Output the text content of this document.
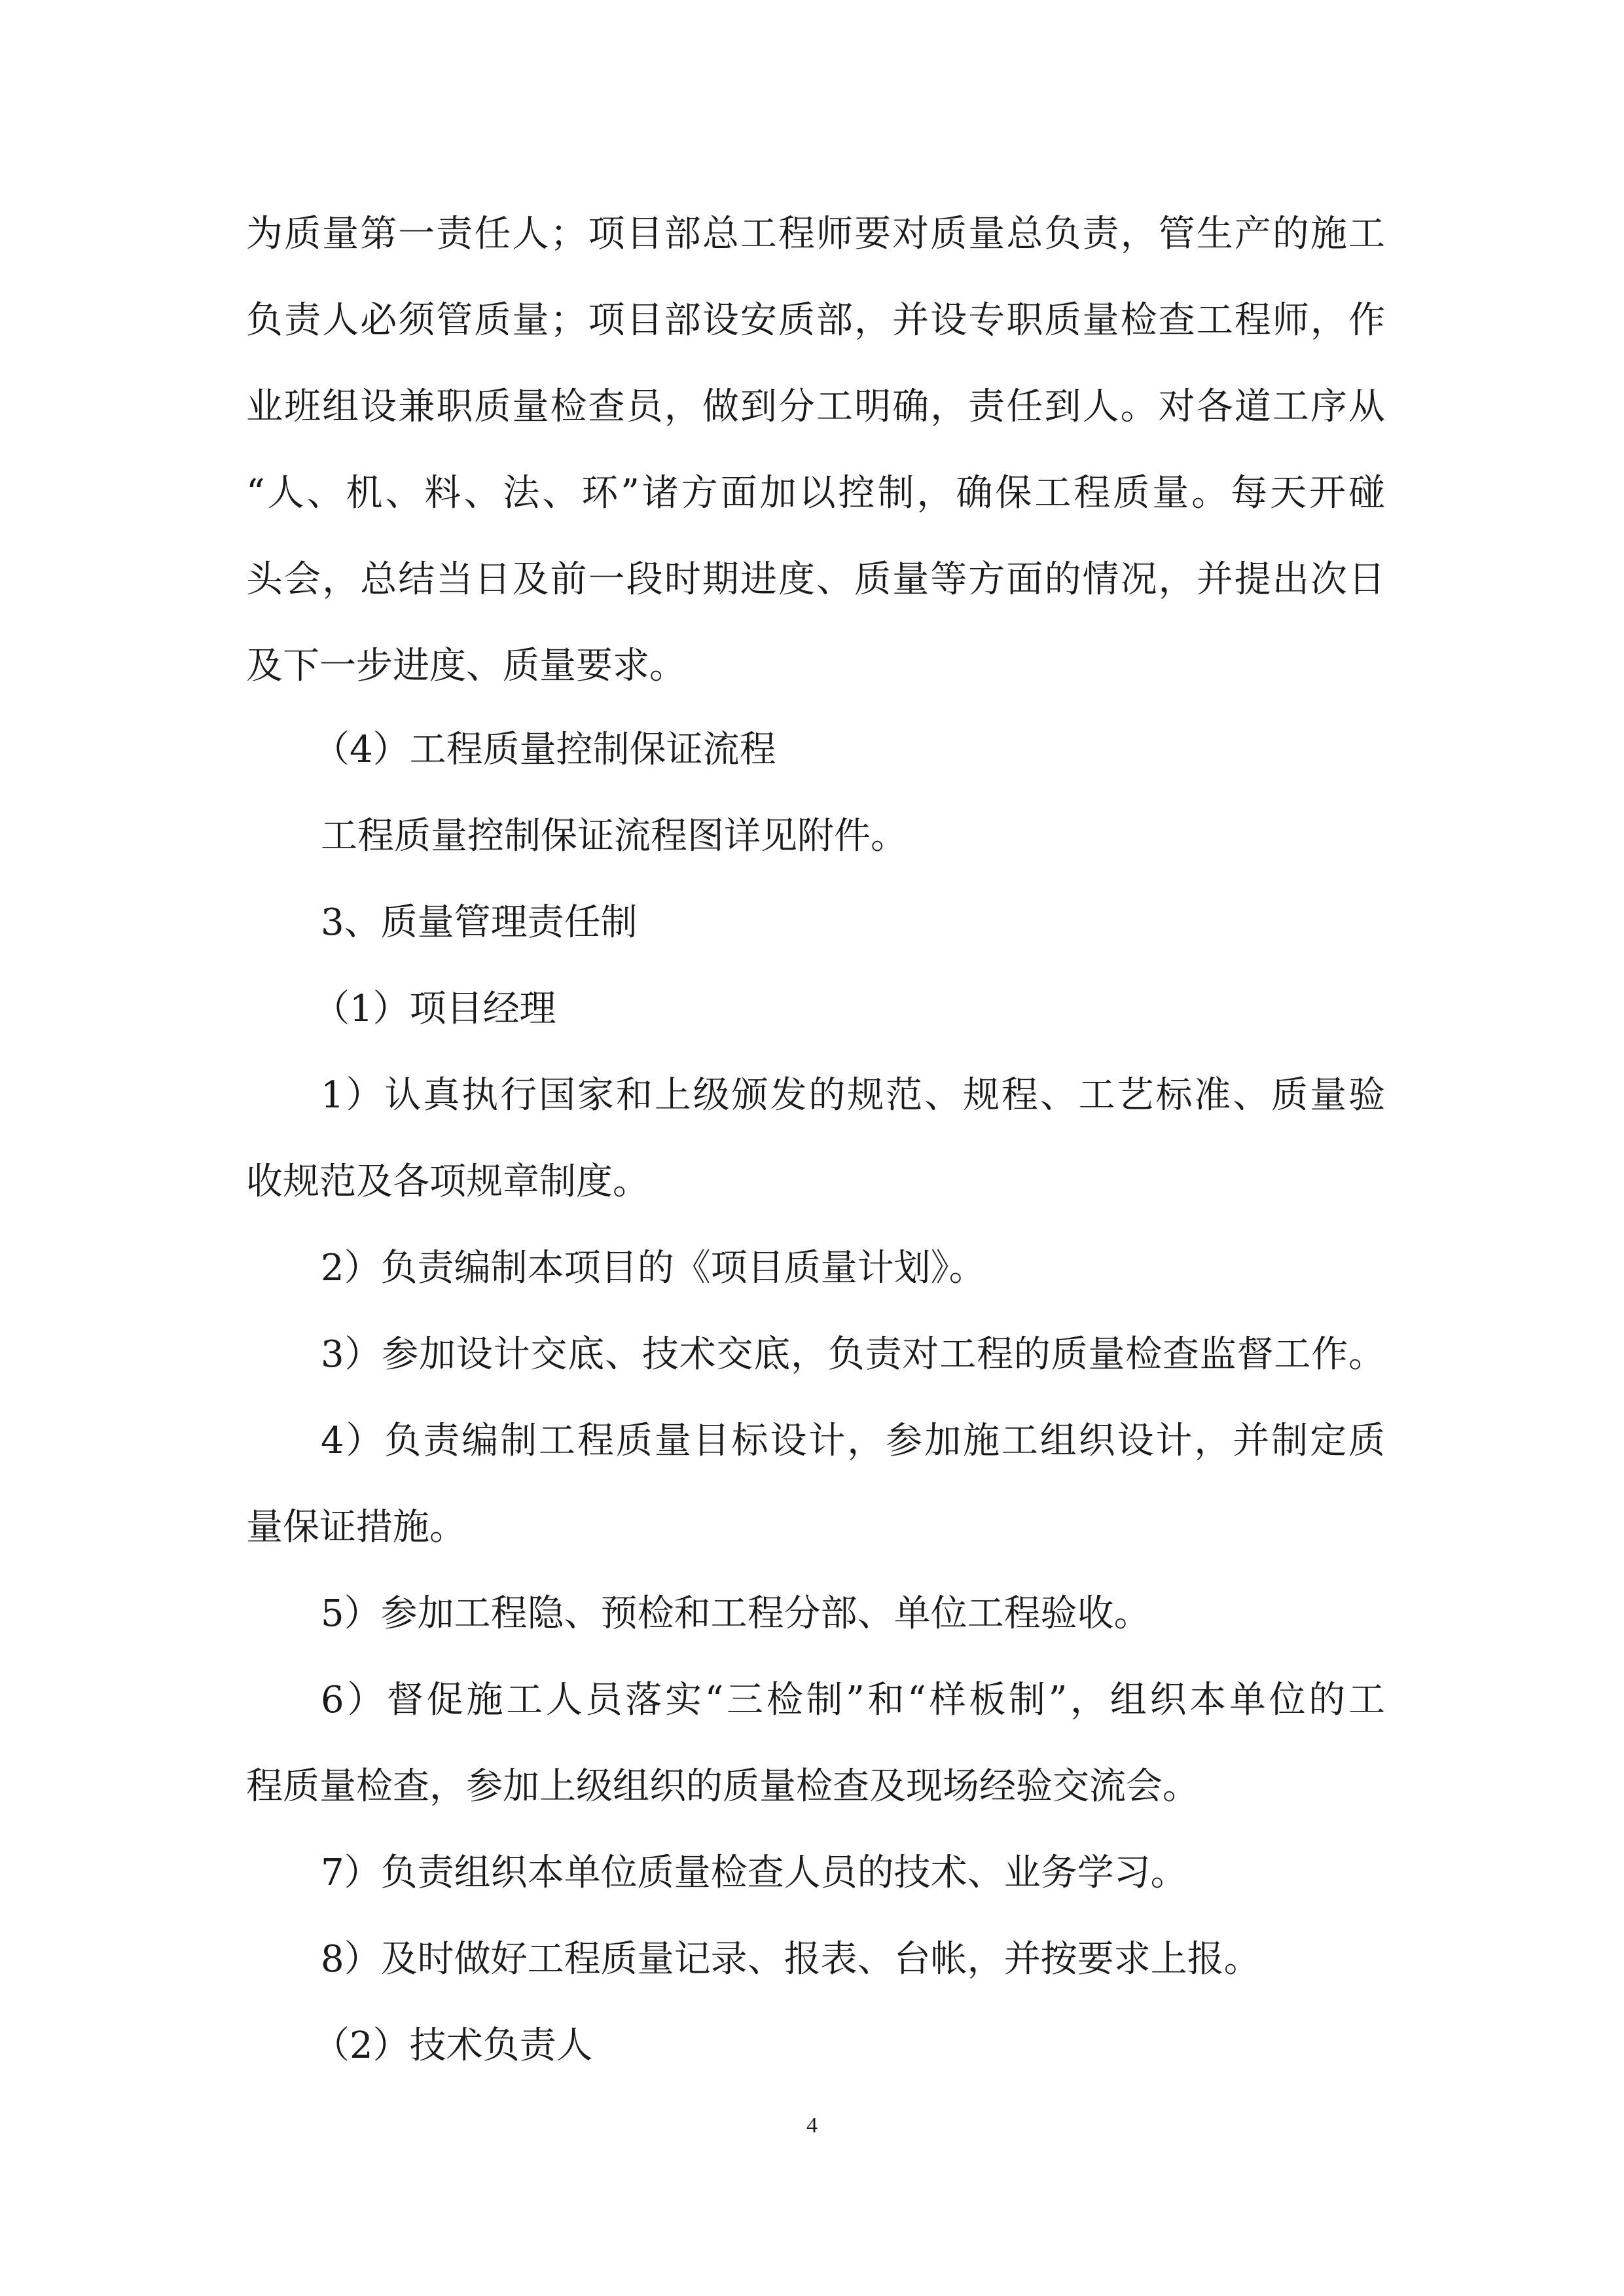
为质量第一责任人；项目部总工程师要对质量总负责，管生产的施工
负责人必须管质量；项目部设安质部，并设专职质量检查工程师，作
业班组设兼职质量检查员，做到分工明确，责任到人。对各道工序从
“人、机、料、法、环”诸方面加以控制，确保工程质量。每天开碰
头会，总结当日及前一段时期进度、质量等方面的情况，并提出次日
及下一步进度、质量要求。
（4）工程质量控制保证流程
工程质量控制保证流程图详见附件。
3、质量管理责任制
（1）项目经理
1）认真执行国家和上级颁发的规范、规程、工艺标准、质量验
收规范及各项规章制度。
2）负责编制本项目的《项目质量计划》。
3）参加设计交底、技术交底，负责对工程的质量检查监督工作。
4）负责编制工程质量目标设计，参加施工组织设计，并制定质
量保证措施。
5）参加工程隐、预检和工程分部、单位工程验收。
6）督促施工人员落实“三检制”和“样板制”，组织本单位的工
程质量检查，参加上级组织的质量检查及现场经验交流会。
7）负责组织本单位质量检查人员的技术、业务学习。
8）及时做好工程质量记录、报表、台帐，并按要求上报。
（2）技术负责人
4
